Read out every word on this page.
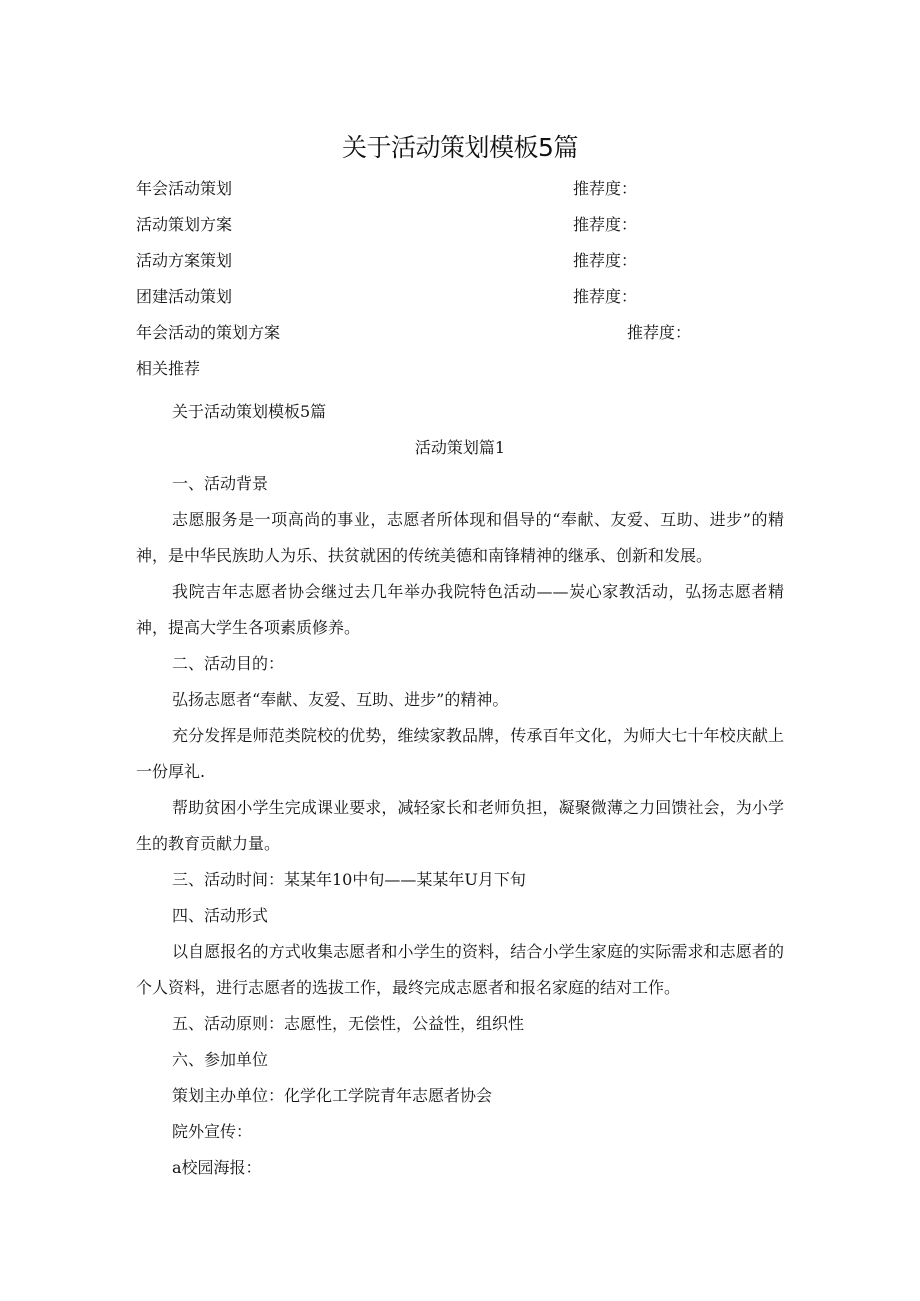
关于活动策划模板5篇
年会活动策划	推荐度：
活动策划方案	推荐度：
活动方案策划	推荐度：
团建活动策划	推荐度：
年会活动的策划方案	推荐度：
相关推荐

关于活动策划模板5篇

活动策划篇1

一、活动背景

志愿服务是一项高尚的事业，志愿者所体现和倡导的“奉献、友爱、互助、进步”的精神，是中华民族助人为乐、扶贫就困的传统美德和南锋精神的继承、创新和发展。

我院吉年志愿者协会继过去几年举办我院特色活动——炭心家教活动，弘扬志愿者精神，提高大学生各项素质修养。

二、活动目的：

弘扬志愿者“奉献、友爱、互助、进步”的精神。

充分发挥是师范类院校的优势，维续家教品牌，传承百年文化，为师大七十年校庆献上一份厚礼.

帮助贫困小学生完成课业要求，减轻家长和老师负担，凝聚微薄之力回馈社会，为小学生的教育贡献力量。

三、活动时间：某某年10中旬——某某年U月下旬

四、活动形式

以自愿报名的方式收集志愿者和小学生的资料，结合小学生家庭的实际需求和志愿者的个人资料，进行志愿者的选拔工作，最终完成志愿者和报名家庭的结对工作。

五、活动原则：志愿性，无偿性，公益性，组织性

六、参加单位

策划主办单位：化学化工学院青年志愿者协会

院外宣传：

a校园海报：
